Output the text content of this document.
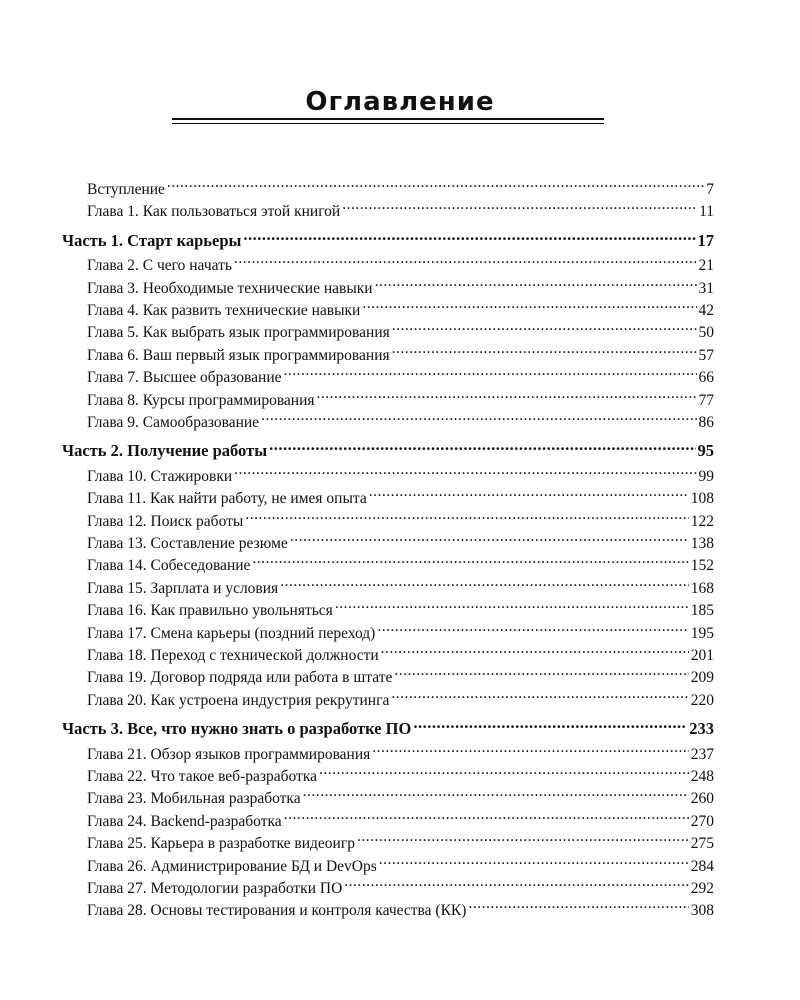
Оглавление
Вступление .....	7
Глава 1. Как пользоваться этой книгой .....	11
Часть 1. Старт карьеры .....	17
Глава 2. С чего начать .....	21
Глава 3. Необходимые технические навыки .....	31
Глава 4. Как развить технические навыки .....	42
Глава 5. Как выбрать язык программирования .....	50
Глава 6. Ваш первый язык программирования .....	57
Глава 7. Высшее образование .....	66
Глава 8. Курсы программирования .....	77
Глава 9. Самообразование .....	86
Часть 2. Получение работы .....	95
Глава 10. Стажировки .....	99
Глава 11. Как найти работу, не имея опыта .....	108
Глава 12. Поиск работы .....	122
Глава 13. Составление резюме .....	138
Глава 14. Собеседование .....	152
Глава 15. Зарплата и условия .....	168
Глава 16. Как правильно увольняться .....	185
Глава 17. Смена карьеры (поздний переход) .....	195
Глава 18. Переход с технической должности .....	201
Глава 19. Договор подряда или работа в штате .....	209
Глава 20. Как устроена индустрия рекрутинга .....	220
Часть 3. Все, что нужно знать о разработке ПО .....	233
Глава 21. Обзор языков программирования .....	237
Глава 22. Что такое веб-разработка .....	248
Глава 23. Мобильная разработка .....	260
Глава 24. Backend-разработка .....	270
Глава 25. Карьера в разработке видеоигр .....	275
Глава 26. Администрирование БД и DevOps .....	284
Глава 27. Методологии разработки ПО .....	292
Глава 28. Основы тестирования и контроля качества (КК) .....	308
